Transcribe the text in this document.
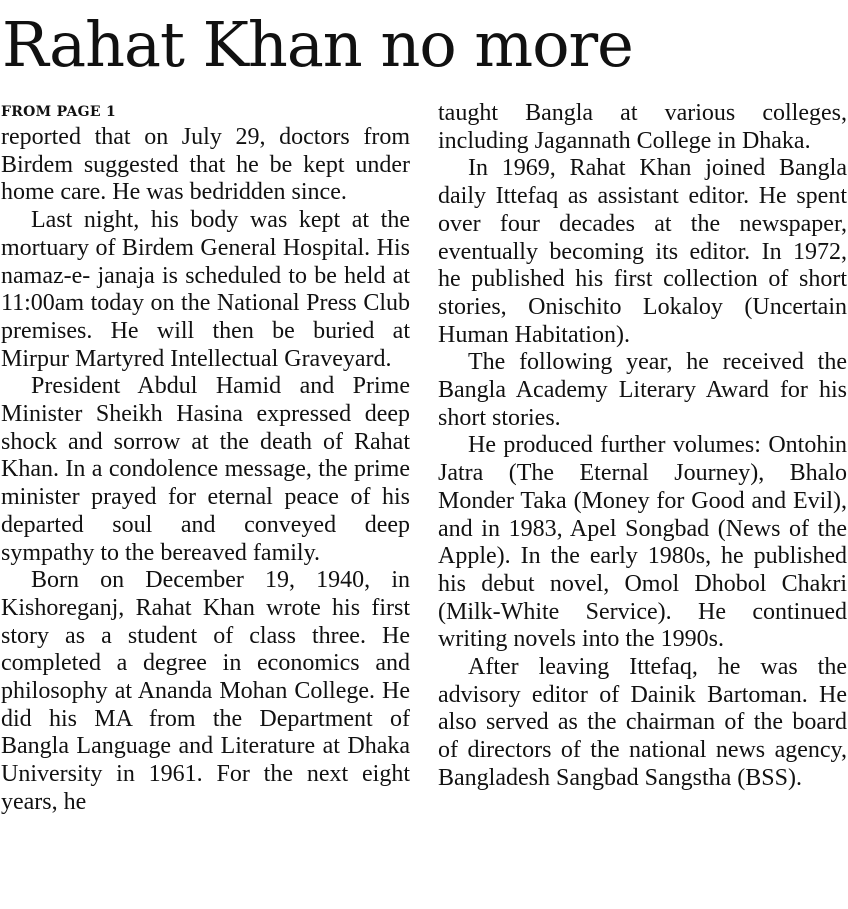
Rahat Khan no more
FROM PAGE 1

reported that on July 29, doctors from Birdem suggested that he be kept under home care. He was bedridden since.

Last night, his body was kept at the mortuary of Birdem General Hospital. His namaz-e- janaja is scheduled to be held at 11:00am today on the National Press Club premises. He will then be buried at Mirpur Martyred Intellectual Graveyard.

President Abdul Hamid and Prime Minister Sheikh Hasina expressed deep shock and sorrow at the death of Rahat Khan. In a condolence message, the prime minister prayed for eternal peace of his departed soul and conveyed deep sympathy to the bereaved family.

Born on December 19, 1940, in Kishoreganj, Rahat Khan wrote his first story as a student of class three. He completed a degree in economics and philosophy at Ananda Mohan College. He did his MA from the Department of Bangla Language and Literature at Dhaka University in 1961. For the next eight years, he

taught Bangla at various colleges, including Jagannath College in Dhaka.

In 1969, Rahat Khan joined Bangla daily Ittefaq as assistant editor. He spent over four decades at the newspaper, eventually becoming its editor. In 1972, he published his first collection of short stories, Onischito Lokaloy (Uncertain Human Habitation).

The following year, he received the Bangla Academy Literary Award for his short stories.

He produced further volumes: Ontohin Jatra (The Eternal Journey), Bhalo Monder Taka (Money for Good and Evil), and in 1983, Apel Songbad (News of the Apple). In the early 1980s, he published his debut novel, Omol Dhobol Chakri (Milk-White Service). He continued writing novels into the 1990s.

After leaving Ittefaq, he was the advisory editor of Dainik Bartoman. He also served as the chairman of the board of directors of the national news agency, Bangladesh Sangbad Sangstha (BSS).
